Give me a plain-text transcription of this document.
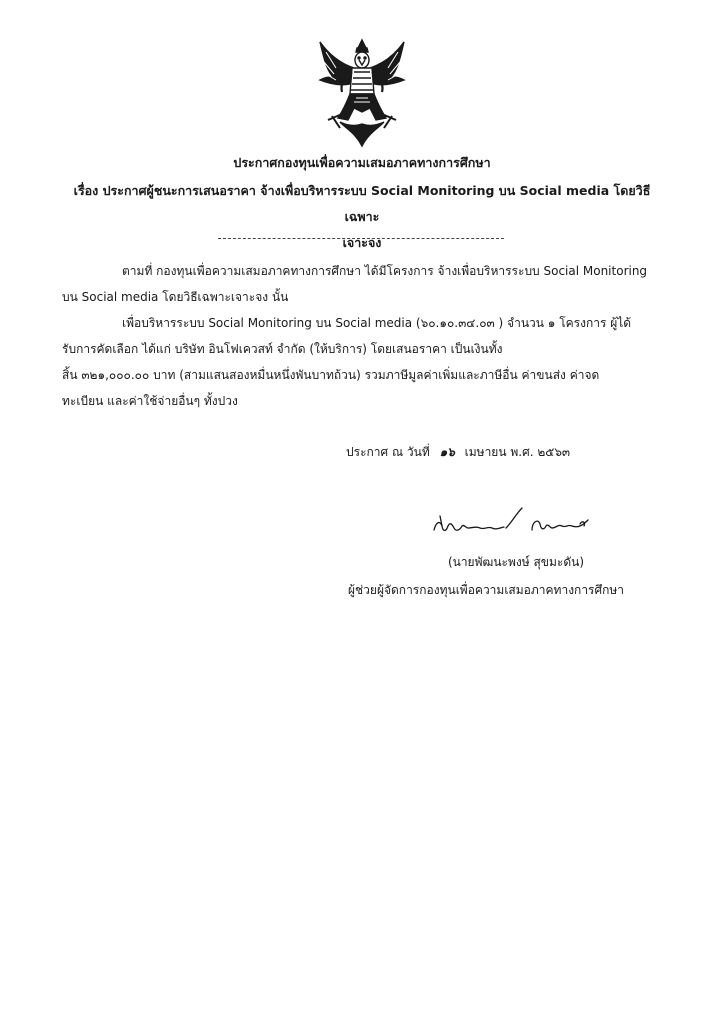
ประกาศกองทุนเพื่อความเสมอภาคทางการศึกษา
เรื่อง ประกาศผู้ชนะการเสนอราคา จ้างเพื่อบริหารระบบ Social Monitoring บน Social media โดยวิธีเฉพาะ
เจาะจง
ตามที่ กองทุนเพื่อความเสมอภาคทางการศึกษา ได้มีโครงการ จ้างเพื่อบริหารระบบ Social Monitoring บน Social media โดยวิธีเฉพาะเจาะจง นั้น
เพื่อบริหารระบบ Social Monitoring บน Social media (๖๐.๑๐.๓๔.๐๓ ) จำนวน ๑ โครงการ ผู้ได้
รับการคัดเลือก ได้แก่ บริษัท อินโฟเควสท์ จำกัด (ให้บริการ) โดยเสนอราคา เป็นเงินทั้ง
สิ้น ๓๒๑,๐๐๐.๐๐ บาท (สามแสนสองหมื่นหนึ่งพันบาทถ้วน) รวมภาษีมูลค่าเพิ่มและภาษีอื่น ค่าขนส่ง ค่าจด
ทะเบียน และค่าใช้จ่ายอื่นๆ ทั้งปวง
ประกาศ ณ วันที่ ๑๖ เมษายน พ.ศ. ๒๕๖๓
(นายพัฒนะพงษ์ สุขมะดัน)
ผู้ช่วยผู้จัดการกองทุนเพื่อความเสมอภาคทางการศึกษา
